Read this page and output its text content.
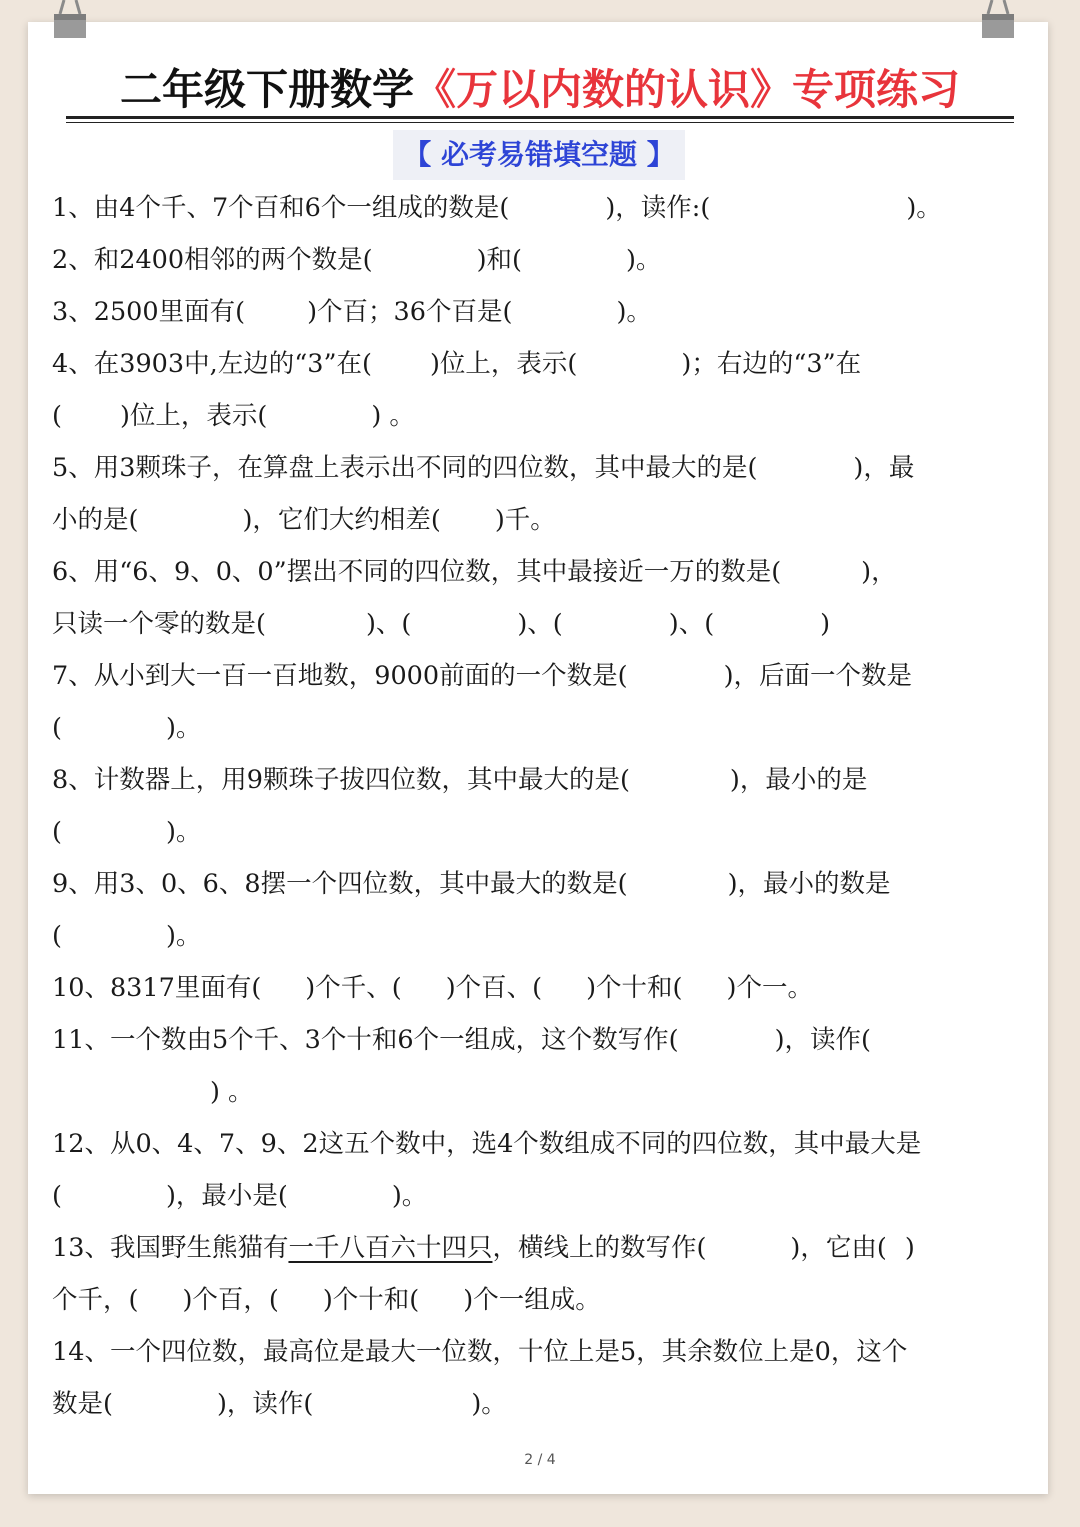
二年级下册数学《万以内数的认识》专项练习
【 必考易错填空题 】
1、由4个千、7个百和6个一组成的数是(	)，读作:(	)。
2、和2400相邻的两个数是(	)和(	)。
3、2500里面有( )个百；36个百是(	)。
4、在3903中,左边的“3”在( )位上，表示(	)；右边的“3”在
( )位上，表示(	) 。
5、用3颗珠子，在算盘上表示出不同的四位数，其中最大的是(	)，最
小的是(	)，它们大约相差( )千。
6、用“6、9、0、0”摆出不同的四位数，其中最接近一万的数是(	)，
只读一个零的数是(	)、(	)、(	)、(	)
7、从小到大一百一百地数，9000前面的一个数是(	)，后面一个数是
(	)。
8、计数器上，用9颗珠子拔四位数，其中最大的是(	)，最小的是
(	)。
9、用3、0、6、8摆一个四位数，其中最大的数是(	)，最小的数是
(	)。
10、8317里面有( )个千、( )个百、( )个十和( )个一。
11、一个数由5个千、3个十和6个一组成，这个数写作(	)，读作(
) 。
12、从0、4、7、9、2这五个数中，选4个数组成不同的四位数，其中最大是
(	)，最小是(	)。
13、我国野生熊猫有一千八百六十四只，横线上的数写作(	)，它由( )
个千，( )个百，( )个十和( )个一组成。
14、一个四位数，最高位是最大一位数，十位上是5，其余数位上是0，这个
数是(	)，读作(	)。
2 / 4
